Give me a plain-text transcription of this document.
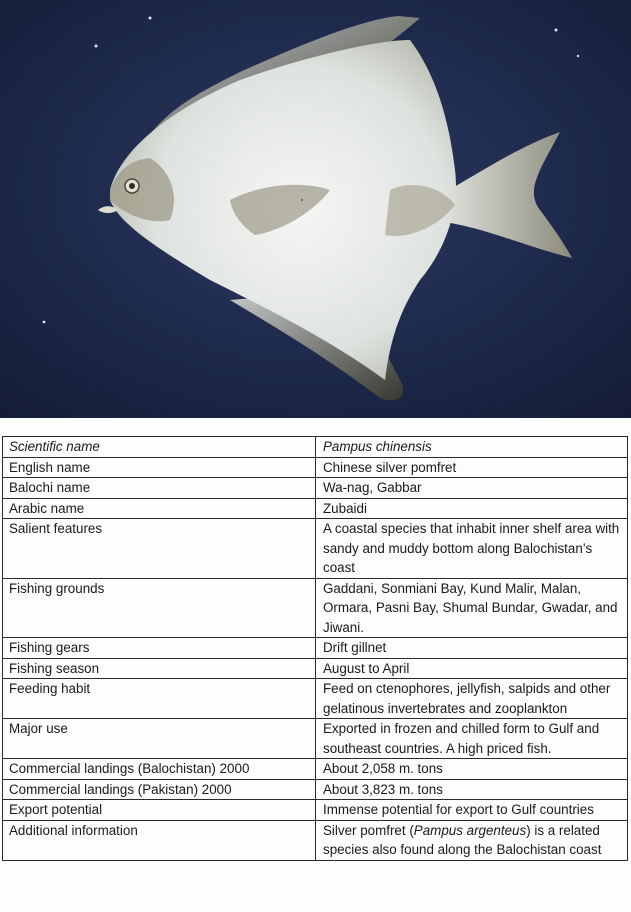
Scientific name	Pampus chinensis
English name	Chinese silver pomfret
Balochi name	Wa-nag, Gabbar
Arabic name	Zubaidi
Salient features	A coastal species that inhabit inner shelf area with sandy and muddy bottom along Balochistan’s coast
Fishing grounds	Gaddani, Sonmiani Bay, Kund Malir, Malan, Ormara, Pasni Bay, Shumal Bundar, Gwadar, and Jiwani.
Fishing gears	Drift gillnet
Fishing season	August to April
Feeding habit	Feed on ctenophores, jellyfish, salpids and other gelatinous invertebrates and zooplankton
Major use	Exported in frozen and chilled form to Gulf and southeast countries. A high priced fish.
Commercial landings (Balochistan) 2000	About 2,058 m. tons
Commercial landings (Pakistan) 2000	About 3,823 m. tons
Export potential	Immense potential for export to Gulf countries
Additional information	Silver pomfret (Pampus argenteus) is a related species also found along the Balochistan coast
